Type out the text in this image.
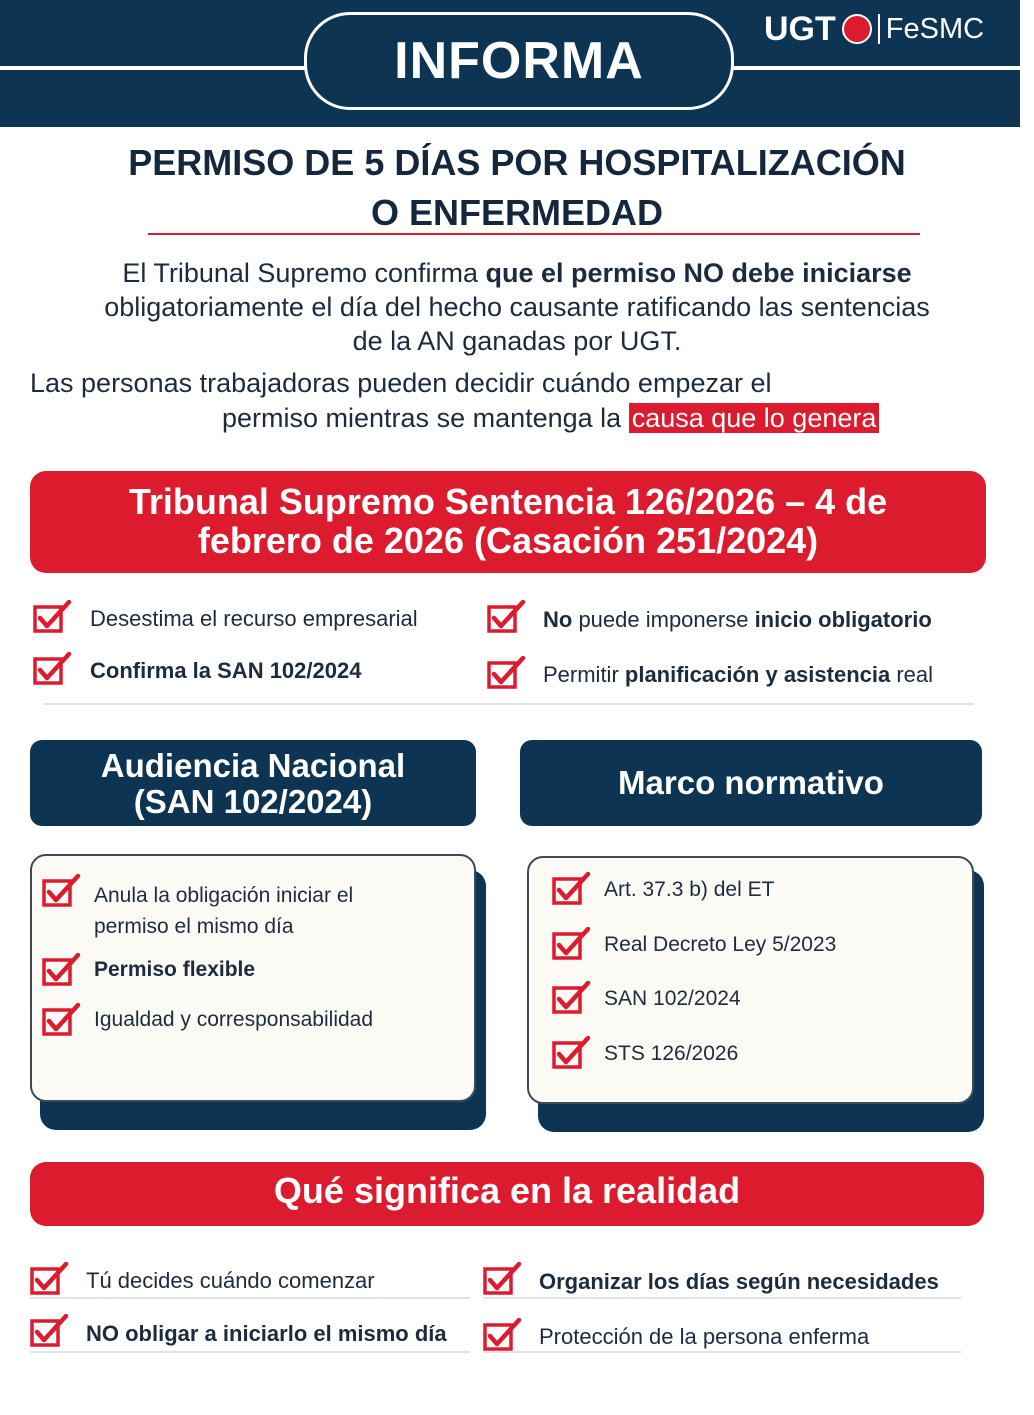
INFORMA
UGT FeSMC
PERMISO DE 5 DÍAS POR HOSPITALIZACIÓN
O ENFERMEDAD
El Tribunal Supremo confirma que el permiso NO debe iniciarse
obligatoriamente el día del hecho causante ratificando las sentencias
de la AN ganadas por UGT.
Las personas trabajadoras pueden decidir cuándo empezar el
permiso mientras se mantenga la causa que lo genera
Tribunal Supremo Sentencia 126/2026 – 4 de
febrero de 2026 (Casación 251/2024)
Desestima el recurso empresarial	No puede imponerse inicio obligatorio
Confirma la SAN 102/2024	Permitir planificación y asistencia real
Audiencia Nacional
(SAN 102/2024)
Marco normativo
Anula la obligación iniciar el
permiso el mismo día
Permiso flexible
Igualdad y corresponsabilidad
Art. 37.3 b) del ET
Real Decreto Ley 5/2023
SAN 102/2024
STS 126/2026
Qué significa en la realidad
Tú decides cuándo comenzar	Organizar los días según necesidades
NO obligar a iniciarlo el mismo día	Protección de la persona enferma
